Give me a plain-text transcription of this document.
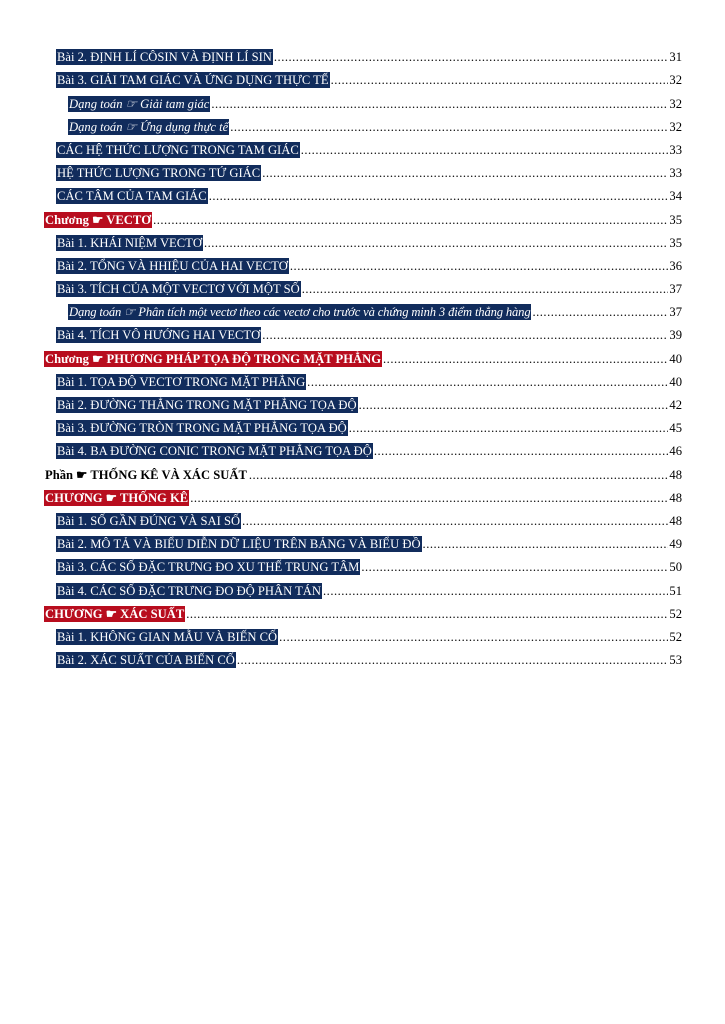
Bài 2. ĐỊNH LÍ CÔSIN VÀ ĐỊNH LÍ SIN .....	31
Bài 3. GIẢI TAM GIÁC VÀ ỨNG DỤNG THỰC TẾ .....	32
Dạng toán ☞ Giải tam giác .....	32
Dạng toán ☞ Ứng dụng thực tế .....	32
CÁC HỆ THỨC LƯỢNG TRONG TAM GIÁC .....	33
HỆ THỨC LƯỢNG TRONG TỨ GIÁC .....	33
CÁC TÂM CỦA TAM GIÁC .....	34
Chương ☛ VECTƠ .....	35
Bài 1. KHÁI NIỆM VECTƠ .....	35
Bài 2. TỔNG VÀ HHIỆU CỦA HAI VECTƠ .....	36
Bài 3. TÍCH CỦA MỘT VECTƠ VỚI MỘT SỐ .....	37
Dạng toán ☞ Phân tích một vectơ theo các vectơ cho trước và chứng minh 3 điểm thẳng hàng .....	37
Bài 4. TÍCH VÔ HƯỚNG HAI VECTƠ .....	39
Chương ☛ PHƯƠNG PHÁP TỌA ĐỘ TRONG MẶT PHẲNG .....	40
Bài 1. TỌA ĐỘ VECTƠ TRONG MẶT PHẲNG .....	40
Bài 2. ĐƯỜNG THẲNG TRONG MẶT PHẲNG TỌA ĐỘ .....	42
Bài 3. ĐƯỜNG TRÒN TRONG MẶT PHẲNG TỌA ĐỘ .....	45
Bài 4. BA ĐƯỜNG CONIC TRONG MẶT PHẲNG TỌA ĐỘ .....	46
Phần ☛ THỐNG KÊ VÀ XÁC SUẤT .....	48
CHƯƠNG ☛ THỐNG KÊ .....	48
Bài 1. SỐ GẦN ĐÚNG VÀ SAI SỐ .....	48
Bài 2. MÔ TẢ VÀ BIỂU DIỄN DỮ LIỆU TRÊN BẢNG VÀ BIỂU ĐỒ .....	49
Bài 3. CÁC SỐ ĐẶC TRƯNG ĐO XU THẾ TRUNG TÂM .....	50
Bài 4. CÁC SỐ ĐẶC TRƯNG ĐO ĐỘ PHÂN TÁN .....	51
CHƯƠNG ☛ XÁC SUẤT .....	52
Bài 1. KHÔNG GIAN MẪU VÀ BIẾN CỐ .....	52
Bài 2. XÁC SUẤT CỦA BIẾN CỐ .....	53
